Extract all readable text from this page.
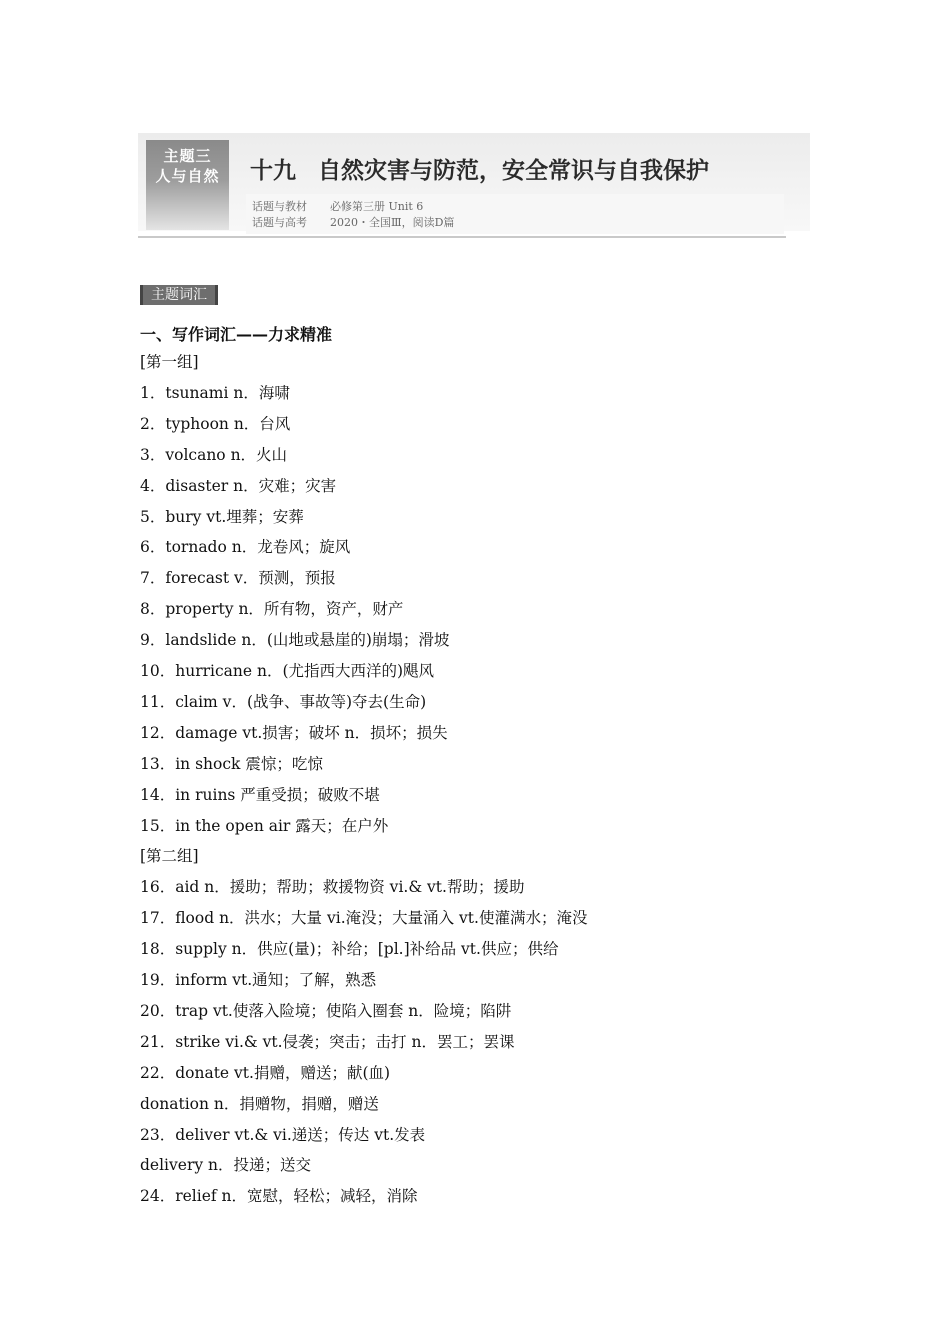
主题三
人与自然	十九 自然灾害与防范，安全常识与自我保护
话题与教材 必修第三册 Unit 6
话题与高考 2020・全国Ⅲ，阅读D篇
主题词汇
一、写作词汇——力求精准
[第一组]
1．tsunami n．海啸
2．typhoon n．台风
3．volcano n．火山
4．disaster n．灾难；灾害
5．bury vt.埋葬；安葬
6．tornado n．龙卷风；旋风
7．forecast v．预测，预报
8．property n．所有物，资产，财产
9．landslide n．(山地或悬崖的)崩塌；滑坡
10．hurricane n．(尤指西大西洋的)飓风
11．claim v．(战争、事故等)夺去(生命)
12．damage vt.损害；破坏 n．损坏；损失
13．in shock 震惊；吃惊
14．in ruins 严重受损；破败不堪
15．in the open air 露天；在户外
[第二组]
16．aid n．援助；帮助；救援物资 vi.& vt.帮助；援助
17．flood n．洪水；大量 vi.淹没；大量涌入 vt.使灌满水；淹没
18．supply n．供应(量)；补给；[pl.]补给品 vt.供应；供给
19．inform vt.通知；了解，熟悉
20．trap vt.使落入险境；使陷入圈套 n．险境；陷阱
21．strike vi.& vt.侵袭；突击；击打 n．罢工；罢课
22．donate vt.捐赠，赠送；献(血)
donation n．捐赠物，捐赠，赠送
23．deliver vt.& vi.递送；传达 vt.发表
delivery n．投递；送交
24．relief n．宽慰，轻松；减轻，消除
